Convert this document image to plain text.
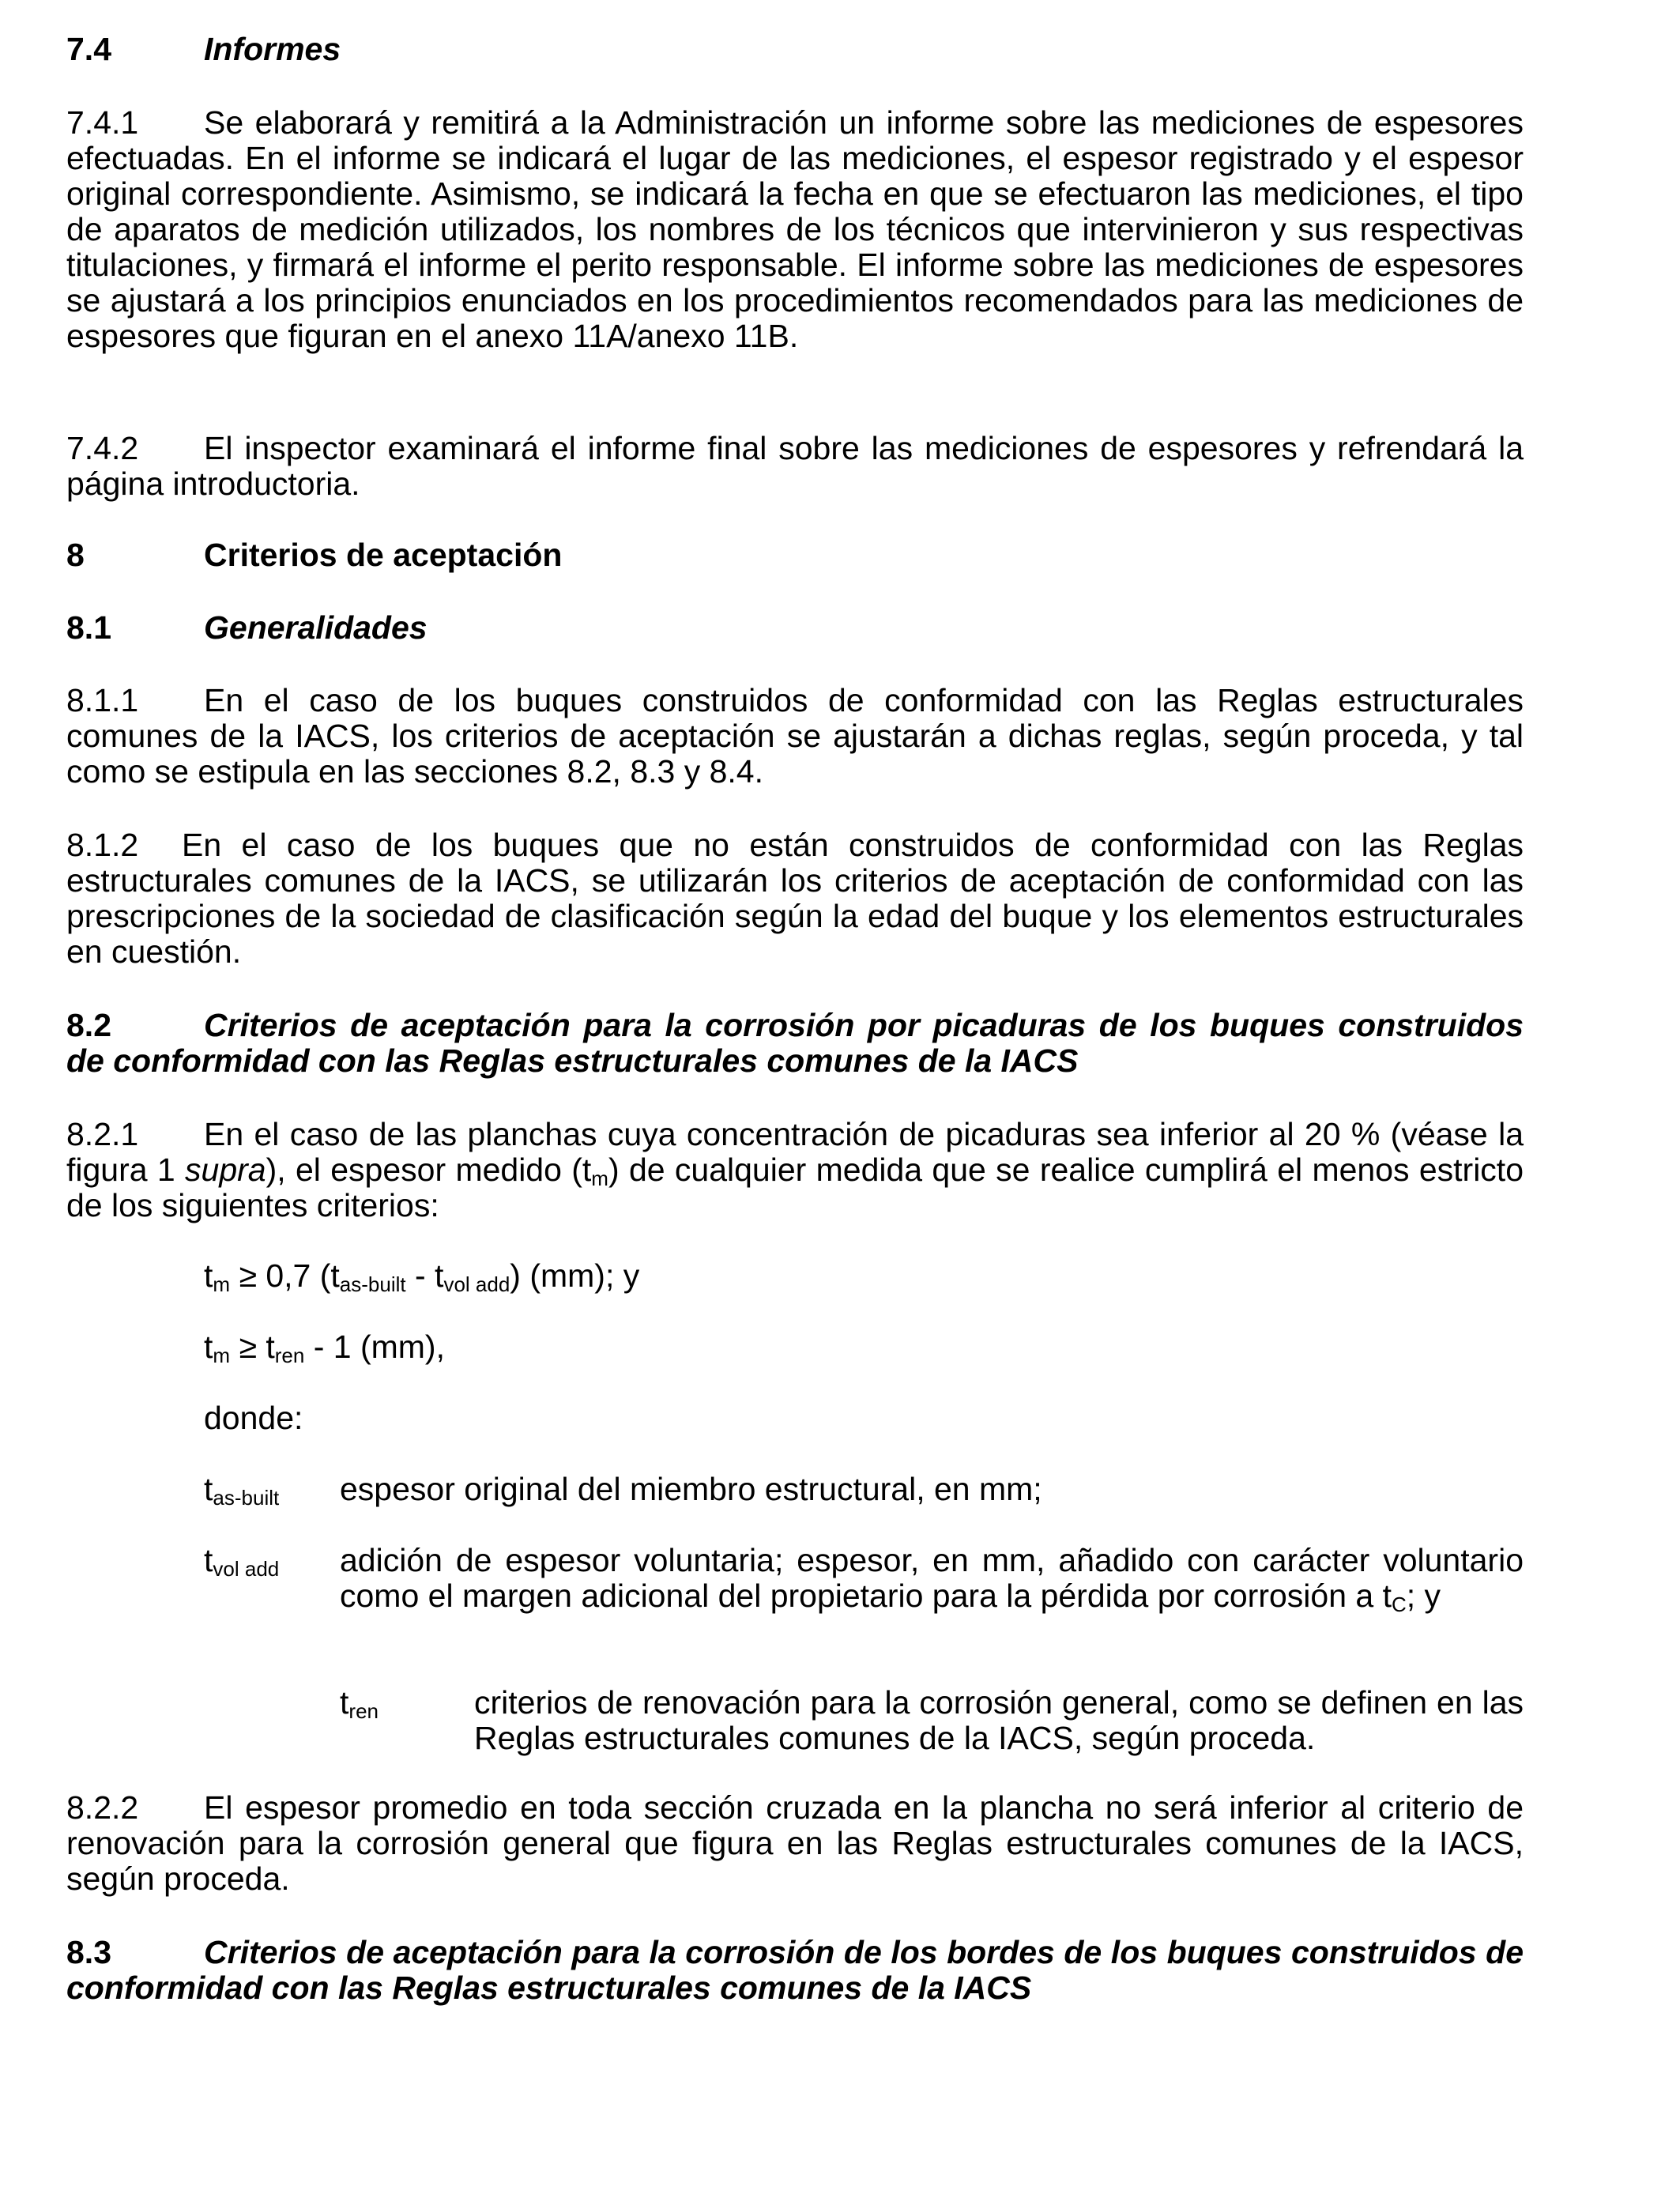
7.4	Informes

7.4.1 Se elaborará y remitirá a la Administración un informe sobre las mediciones de espesores efectuadas. En el informe se indicará el lugar de las mediciones, el espesor registrado y el espesor original correspondiente. Asimismo, se indicará la fecha en que se efectuaron las mediciones, el tipo de aparatos de medición utilizados, los nombres de los técnicos que intervinieron y sus respectivas titulaciones, y firmará el informe el perito responsable. El informe sobre las mediciones de espesores se ajustará a los principios enunciados en los procedimientos recomendados para las mediciones de espesores que figuran en el anexo 11A/anexo 11B.

7.4.2 El inspector examinará el informe final sobre las mediciones de espesores y refrendará la página introductoria.

8	Criterios de aceptación
8.1	Generalidades

8.1.1 En el caso de los buques construidos de conformidad con las Reglas estructurales comunes de la IACS, los criterios de aceptación se ajustarán a dichas reglas, según proceda, y tal como se estipula en las secciones 8.2, 8.3 y 8.4.

8.1.2 En el caso de los buques que no están construidos de conformidad con las Reglas estructurales comunes de la IACS, se utilizarán los criterios de aceptación de conformidad con las prescripciones de la sociedad de clasificación según la edad del buque y los elementos estructurales en cuestión.

8.2	Criterios de aceptación para la corrosión por picaduras de los buques construidos de conformidad con las Reglas estructurales comunes de la IACS

8.2.1 En el caso de las planchas cuya concentración de picaduras sea inferior al 20 % (véase la figura 1 supra), el espesor medido $(t_m)$ de cualquier medida que se realice cumplirá el menos estricto de los siguientes criterios:

$t_m \ge 0,7$ $(t_{as-built} - t_{vol add})$ (mm); y
$t_m \ge t_{ren} - 1$ (mm),
donde:
$t_{as-built}$ espesor original del miembro estructural, en mm;
$t_{vol add}$ adición de espesor voluntaria; espesor, en mm, añadido con carácter voluntario como el margen adicional del propietario para la pérdida por corrosión a $t_C$; y
$t_{ren}$	criterios de renovación para la corrosión general, como se definen en las Reglas estructurales comunes de la IACS, según proceda.

8.2.2 El espesor promedio en toda sección cruzada en la plancha no será inferior al criterio de renovación para la corrosión general que figura en las Reglas estructurales comunes de la IACS, según proceda.

8.3	Criterios de aceptación para la corrosión de los bordes de los buques construidos de conformidad con las Reglas estructurales comunes de la IACS
